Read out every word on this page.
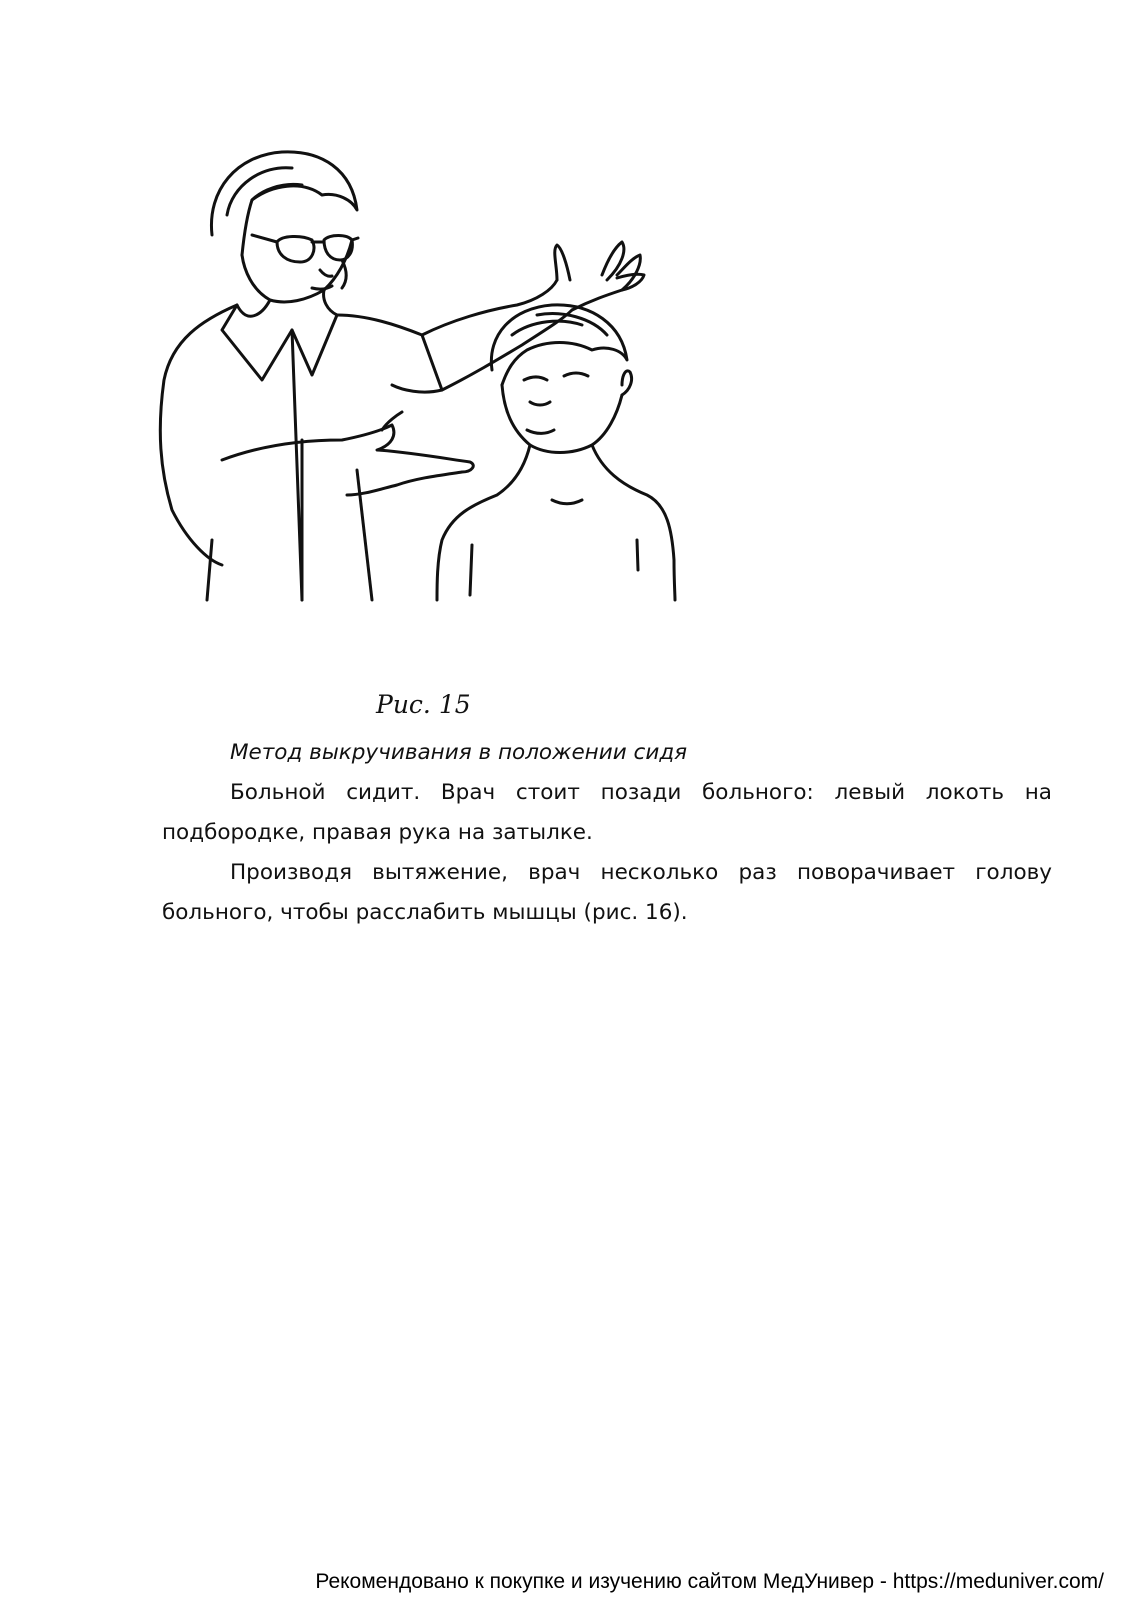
Рис. 15

Метод выкручивания в положении сидя

Больной сидит. Врач стоит позади больного: левый локоть на подбородке, правая рука на затылке.

Производя вытяжение, врач несколько раз поворачивает голову больного, чтобы расслабить мышцы (рис. 16).

Рекомендовано к покупке и изучению сайтом МедУнивер - https://meduniver.com/
